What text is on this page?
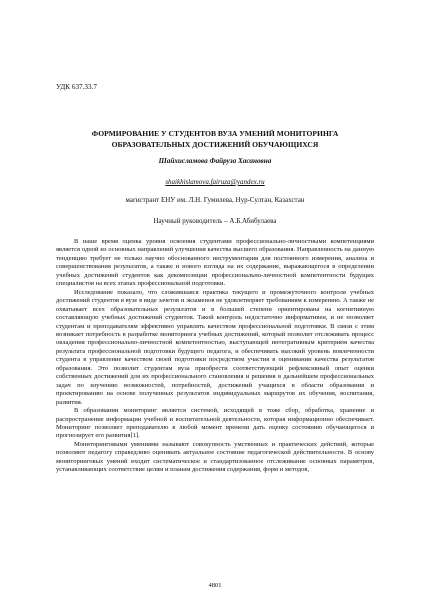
УДК 637.33.7
ФОРМИРОВАНИЕ У СТУДЕНТОВ ВУЗА УМЕНИЙ МОНИТОРИНГА
ОБРАЗОВАТЕЛЬНЫХ ДОСТИЖЕНИЙ ОБУЧАЮЩИХСЯ
Шайхисламова Файруза Хасановна
shaikhislamova.fairuza@yandex.ru
магистрант ЕНУ им. Л.Н. Гумилева, Нур-Султан, Казахстан
Научный руководитель – А.Б.Абибулаева

В наше время оценка уровня освоения студентами профессионально-личностными компетенциями является одной из основных направлений улучшения качества высшего образования. Направленность на данную тенденцию требует не только научно обоснованного инструментария для постоянного измерения, анализа и совершенствования результатов, а также и нового взгляда на их содержание, выражающегося в определении учебных достижений студентов как декомпозиции профессионально-личностной компетентности будущих специалистов на всех этапах профессиональной подготовки.

Исследование показало, что сложившаяся практика текущего и промежуточного контроля учебных достижений студентов в вузе в виде зачетов и экзаменов не удовлетворяет требованиям к измерению. А также не охватывает всех образовательных результатов и в большей степени ориентирована на когнитивную составляющую учебных достижений студентов. Такой контроль недостаточно информативен, и не позволяет студентам и преподавателям эффективно управлять качеством профессиональной подготовки. В связи с этим возникает потребность в разработке мониторинга учебных достижений, который позволит отслеживать процесс овладения профессионально-личностной компетентностью, выступающей интегративным критерием качества результата профессиональной подготовки будущего педагога, и обеспечивать высокий уровень вовлеченности студента в управление качеством своей подготовки посредством участия в оценивании качества результатов образования. Это позволит студентам вуза приобрести соответствующий рефлексивный опыт оценки собственных достижений для их профессионального становления и решения в дальнейшем профессиональных задач по изучению возможностей, потребностей, достижений учащихся в области образования и проектированию на основе полученных результатов индивидуальных маршрутов их обучения, воспитания, развития.

В образовании мониторинг является системой, исходящей в тоже сбор, обработка, хранение и распространение информации учебной и воспитательной деятельности, которая информационно обеспечивает. Мониторинг позволяет преподавателю в любой момент времени дать оценку состоянию обучающегося и прогнозирует его развития[1].

Мониторинговыми умениями называют совокупность умственных и практических действий, которые позволяют педагогу справедливо оценивать актуальное состояние педагогической действительности. В основу мониторинговых умений входит систематическое и стандартизованное отслеживание основных параметров, устанавливающих соответствие целям и планам достижения содержания, форм и методов,

4801
